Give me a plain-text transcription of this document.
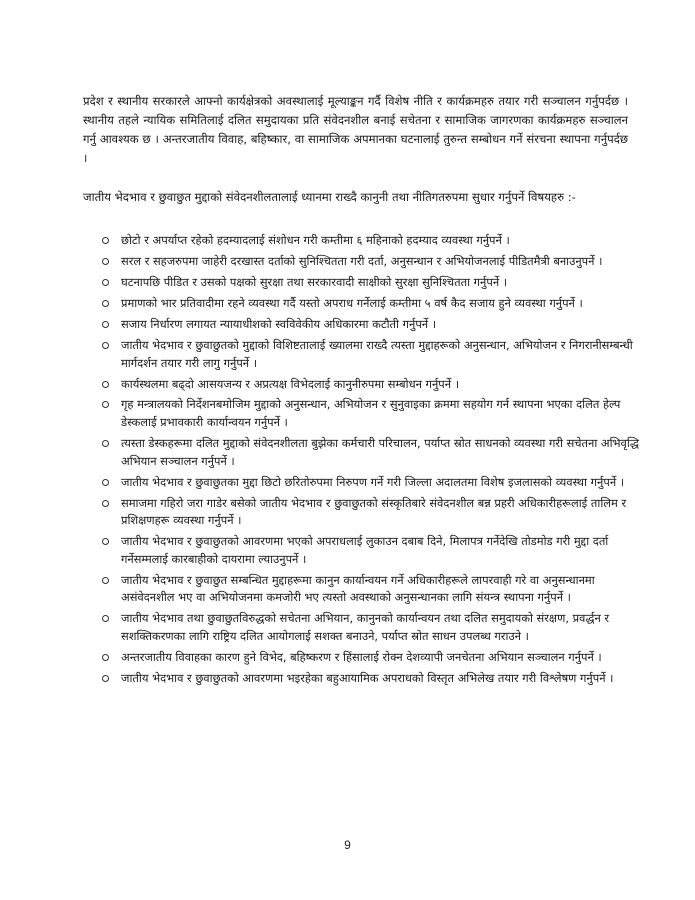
प्रदेश र स्थानीय सरकारले आफ्नो कार्यक्षेत्रको अवस्थालाई मूल्याङ्कन गर्दै विशेष नीति र कार्यक्रमहरु तयार गरी सञ्चालन गर्नुपर्दछ । स्थानीय तहले न्यायिक समितिलाई दलित समुदायका प्रति संवेदनशील बनाई सचेतना र सामाजिक जागरणका कार्यक्रमहरु सञ्चालन गर्नु आवश्यक छ । अन्तरजातीय विवाह, बहिष्कार, वा सामाजिक अपमानका घटनालाई तुरुन्त सम्बोधन गर्ने संरचना स्थापना गर्नुपर्दछ ।

जातीय भेदभाव र छुवाछुत मुद्दाको संवेदनशीलतालाई ध्यानमा राख्दै कानुनी तथा नीतिगतरुपमा सुधार गर्नुपर्ने विषयहरु :-

छोटो र अपर्याप्त रहेको हदम्यादलाई संशोधन गरी कम्तीमा ६ महिनाको हदम्याद व्यवस्था गर्नुपर्ने ।
सरल र सहजरुपमा जाहेरी दरखास्त दर्ताको सुनिश्चितता गरी दर्ता, अनुसन्धान र अभियोजनलाई पीडितमैत्री बनाउनुपर्ने ।
घटनापछि पीडित र उसको पक्षको सुरक्षा तथा सरकारवादी साक्षीको सुरक्षा सुनिश्चितता गर्नुपर्ने ।
प्रमाणको भार प्रतिवादीमा रहने व्यवस्था गर्दै यस्तो अपराध गर्नेलाई कम्तीमा ५ वर्ष कैद सजाय हुने व्यवस्था गर्नुपर्ने ।
सजाय निर्धारण लगायत न्यायाधीशको स्वविवेकीय अधिकारमा कटौती गर्नुपर्ने ।
जातीय भेदभाव र छुवाछुतको मुद्दाको विशिष्टतालाई ख्यालमा राख्दै त्यस्ता मुद्दाहरूको अनुसन्धान, अभियोजन र निगरानीसम्बन्धी मार्गदर्शन तयार गरी लागु गर्नुपर्ने ।
कार्यस्थलमा बढ्दो आसयजन्य र अप्रत्यक्ष विभेदलाई कानुनीरुपमा सम्बोधन गर्नुपर्ने ।
गृह मन्त्रालयको निर्देशनबमोजिम मुद्दाको अनुसन्धान, अभियोजन र सुनुवाइका क्रममा सहयोग गर्न स्थापना भएका दलित हेल्प डेस्कलाई प्रभावकारी कार्यान्वयन गर्नुपर्ने ।
त्यस्ता डेस्कहरूमा दलित मुद्दाको संवेदनशीलता बुझेका कर्मचारी परिचालन, पर्याप्त स्रोत साधनको व्यवस्था गरी सचेतना अभिवृद्धि अभियान सञ्चालन गर्नुपर्ने ।
जातीय भेदभाव र छुवाछुतका मुद्दा छिटो छरितोरुपमा निरुपण गर्ने गरी जिल्ला अदालतमा विशेष इजलासको व्यवस्था गर्नुपर्ने ।
समाजमा गहिरो जरा गाडेर बसेको जातीय भेदभाव र छुवाछुतको संस्कृतिबारे संवेदनशील बन्न प्रहरी अधिकारीहरूलाई तालिम र प्रशिक्षणहरू व्यवस्था गर्नुपर्ने ।
जातीय भेदभाव र छुवाछुतको आवरणमा भएको अपराधलाई लुकाउन दबाब दिने, मिलापत्र गर्नेदेखि तोडमोड गरी मुद्दा दर्ता गर्नेसम्मलाई कारबाहीको दायरामा ल्याउनुपर्ने ।
जातीय भेदभाव र छुवाछुत सम्बन्धित मुद्दाहरूमा कानुन कार्यान्वयन गर्ने अधिकारीहरूले लापरवाही गरे वा अनुसन्धानमा असंवेदनशील भए वा अभियोजनमा कमजोरी भए त्यस्तो अवस्थाको अनुसन्धानका लागि संयन्त्र स्थापना गर्नुपर्ने ।
जातीय भेदभाव तथा छुवाछुतविरुद्धको सचेतना अभियान, कानुनको कार्यान्वयन तथा दलित समुदायको संरक्षण, प्रवर्द्धन र सशक्तिकरणका लागि राष्ट्रिय दलित आयोगलाई सशक्त बनाउने, पर्याप्त स्रोत साधन उपलब्ध गराउने ।
अन्तरजातीय विवाहका कारण हुने विभेद, बहिष्करण र हिंसालाई रोक्न देशव्यापी जनचेतना अभियान सञ्चालन गर्नुपर्ने ।
जातीय भेदभाव र छुवाछुतको आवरणमा भइरहेका बहुआयामिक अपराधको विस्तृत अभिलेख तयार गरी विश्लेषण गर्नुपर्ने ।
9
